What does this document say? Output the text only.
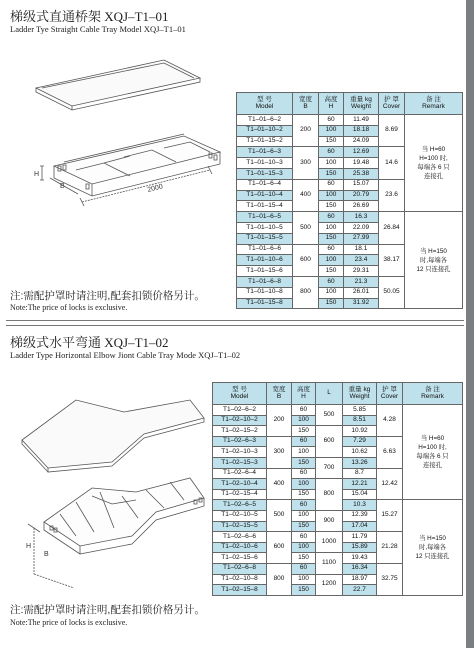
梯级式直通桥架 XQJ–T1–01
Ladder Tye Straight Cable Tray Model XQJ–T1–01
2000
B
H
型 号
Model	宽度
B	高度
H	重量 kg
Weight	护 罩
Cover	备 注
Remark

T1–01–6–2	200	60	11.49	8.69	当 H=60
H=100 时,
每端各 6 只
连接孔

T1–01–10–2		100	18.18		
T1–01–15–2		150	24.09		
T1–01–6–3	300	60	12.69	14.6	
T1–01–10–3		100	19.48		
T1–01–15–3		150	25.38		
T1–01–6–4	400	60	15.07	23.6	
T1–01–10–4		100	20.79		
T1–01–15–4		150	26.69		
T1–01–6–5	500	60	16.3	26.84	当 H=150
时,每端各
12 只连接孔

T1–01–10–5		100	22.09		
T1–01–15–5		150	27.99		
T1–01–6–6	600	60	18.1	38.17	
T1–01–10–6		100	23.4		
T1–01–15–6		150	29.31		
T1–01–6–8	800	60	21.3	50.05	
T1–01–10–8		100	26.01		
T1–01–15–8		150	31.92		
注:需配护罩时请注明,配套扣锁价格另计。
Note:The price of locks is exclusive.
梯级式水平弯通 XQJ–T1–02
Ladder Type Horizontal Elbow Jiont Cable Tray Mode XQJ–T1–02
B
H
型 号
Model	宽度
B	高度
H	L	重量 kg
Weight	护 罩
Cover	备 注
Remark

T1–02–6–2	200	60	500	5.85	4.28	当 H=60
H=100 时,
每端各 6 只
连接孔

T1–02–10–2		100		8.51		
T1–02–15–2		150	600	10.92		
T1–02–6–3	300	60		7.29	6.63	
T1–02–10–3		100		10.62		
T1–02–15–3		150	700	13.26		
T1–02–6–4	400	60		8.7	12.42	
T1–02–10–4		100	800	12.21		
T1–02–15–4		150		15.04		
T1–02–6–5	500	60		10.3	15.27	当 H=150
时,每端各
12 只连接孔

T1–02–10–5		100	900	12.39		
T1–02–15–5		150		17.04		
T1–02–6–6	600	60	1000	11.79	21.28	
T1–02–10–6		100		15.89		
T1–02–15–6		150	1100	19.43		
T1–02–6–8	800	60		16.34	32.75	
T1–02–10–8		100	1200	18.97		
T1–02–15–8		150		22.7		
注:需配护罩时请注明,配套扣锁价格另计。
Note:The price of locks is exclusive.
